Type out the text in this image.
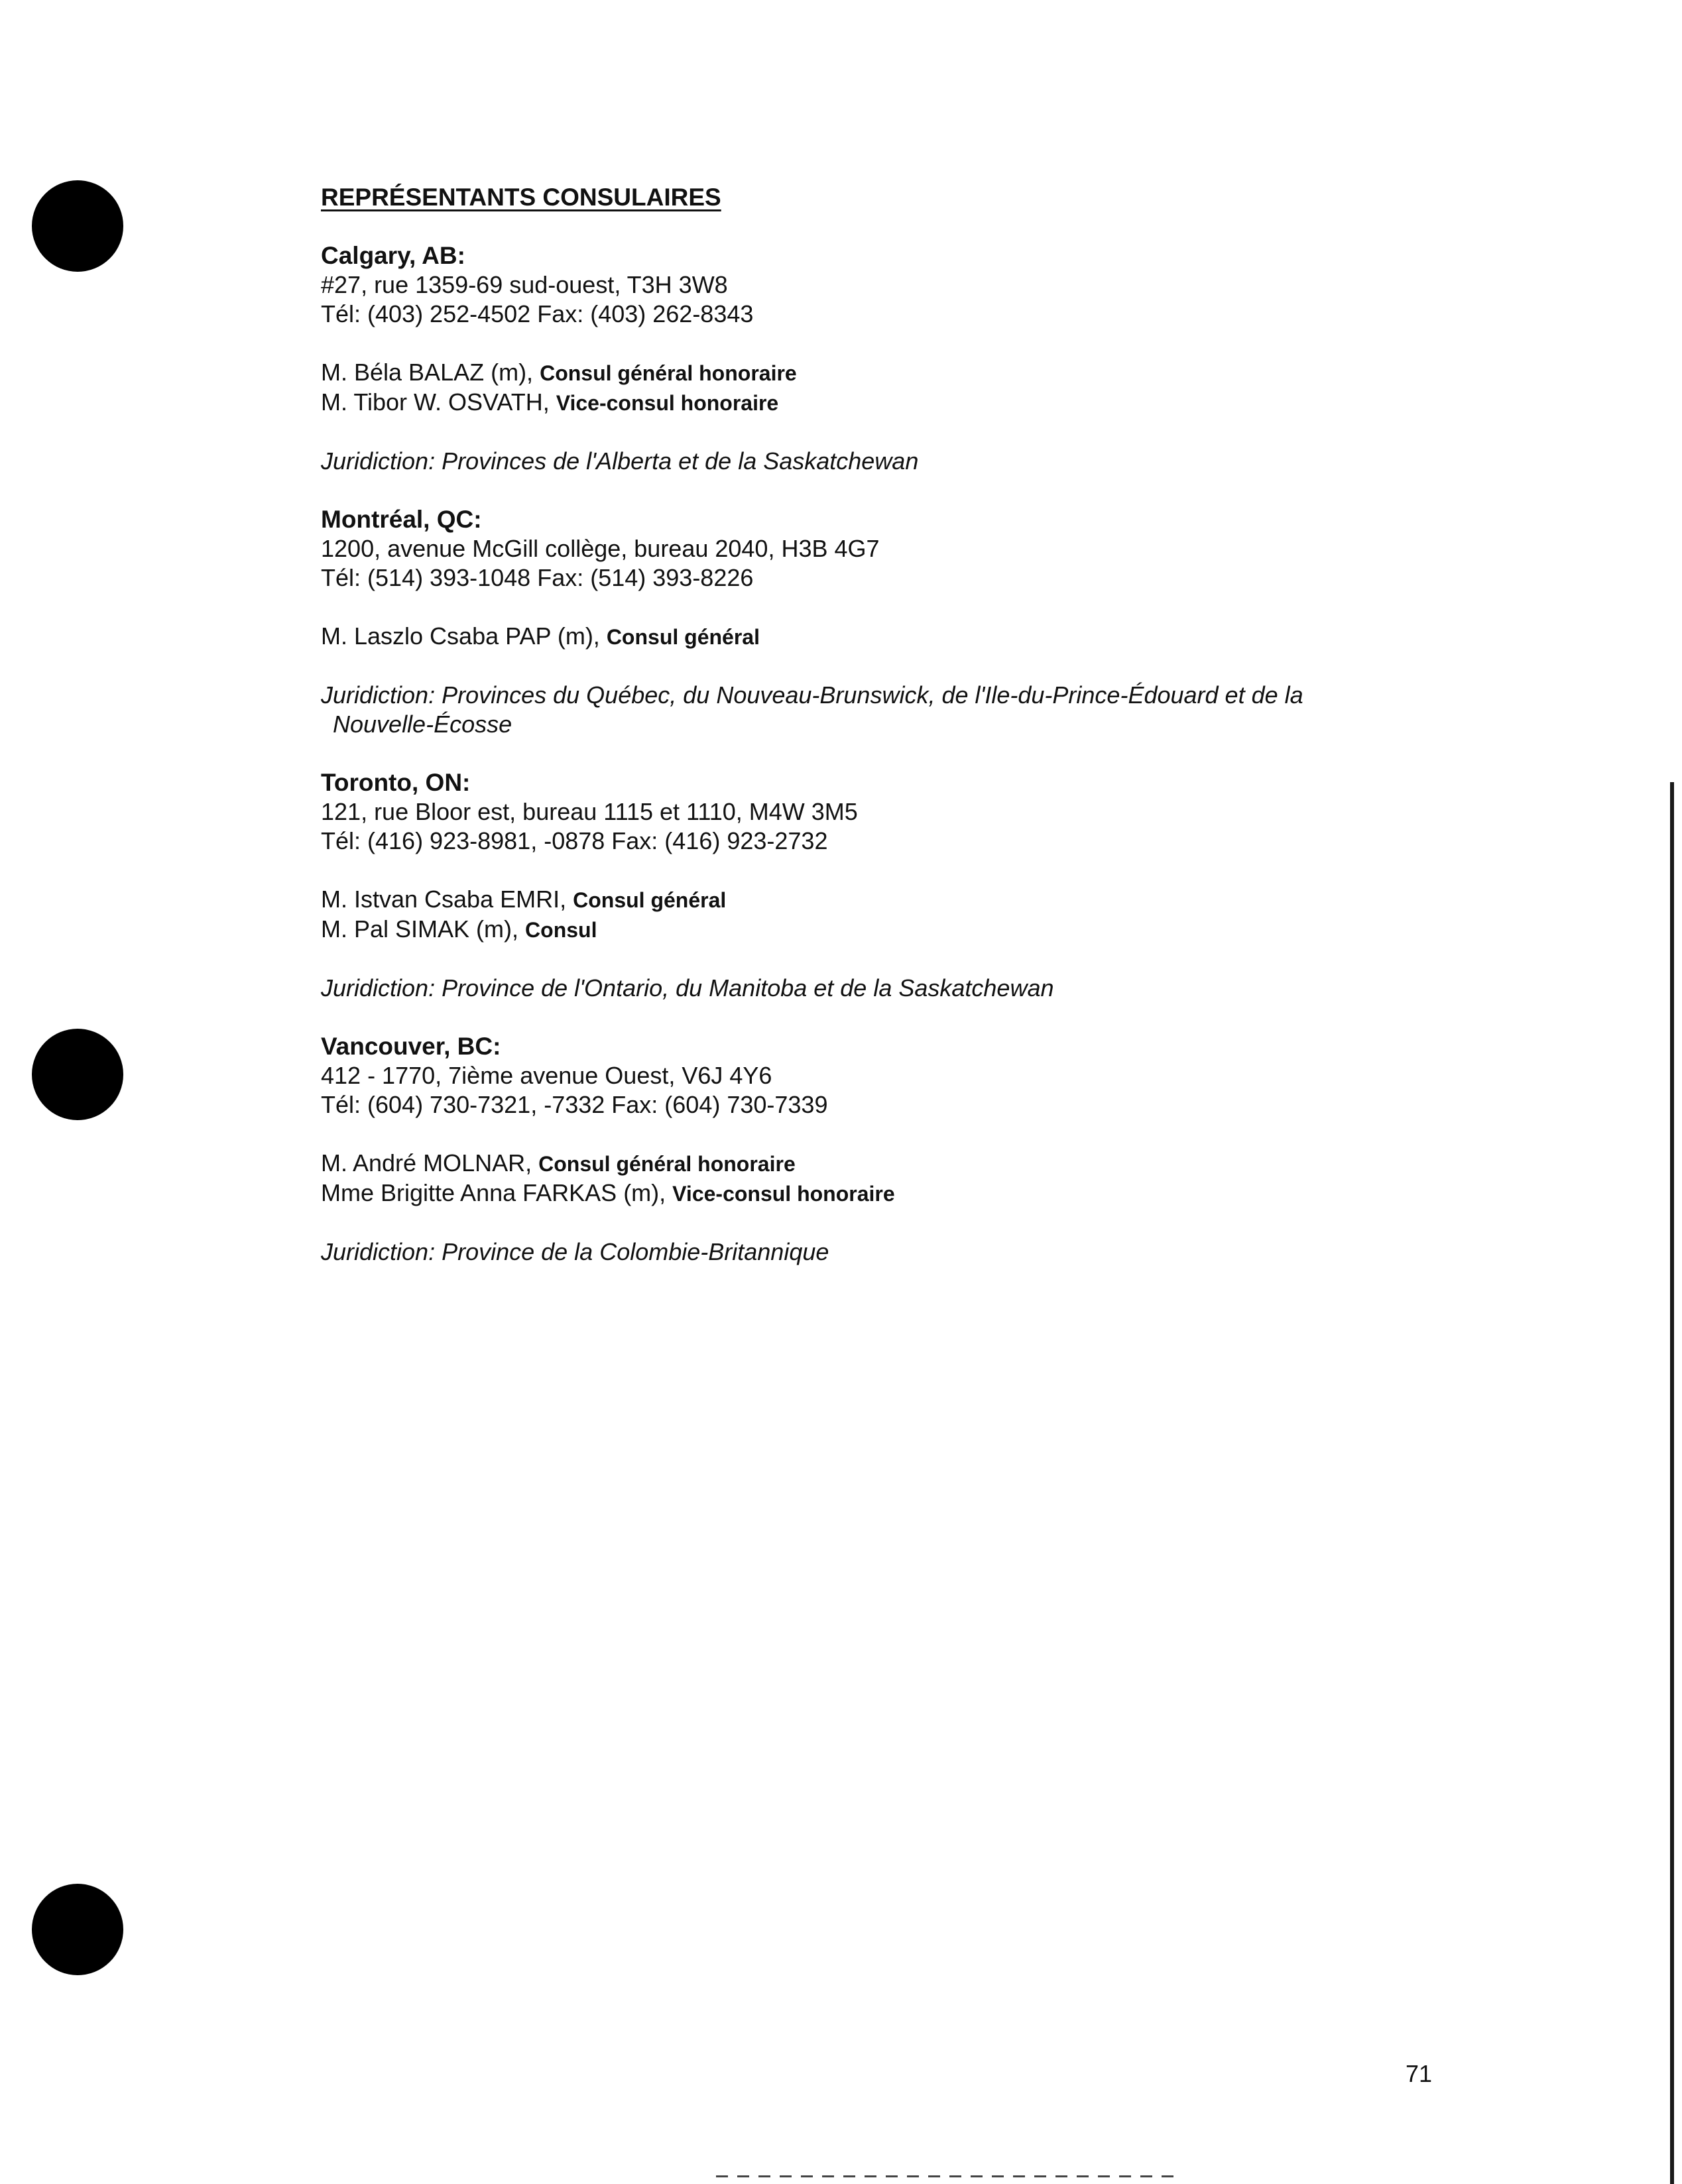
REPRÉSENTANTS CONSULAIRES
Calgary, AB:
#27, rue 1359-69 sud-ouest, T3H 3W8
Tél: (403) 252-4502 Fax: (403) 262-8343
M. Béla BALAZ (m), Consul général honoraire
M. Tibor W. OSVATH, Vice-consul honoraire
Juridiction: Provinces de l'Alberta et de la Saskatchewan
Montréal, QC:
1200, avenue McGill collège, bureau 2040, H3B 4G7
Tél: (514) 393-1048 Fax: (514) 393-8226
M. Laszlo Csaba PAP (m), Consul général
Juridiction: Provinces du Québec, du Nouveau-Brunswick, de l'Ile-du-Prince-Édouard et de la
Nouvelle-Écosse
Toronto, ON:
121, rue Bloor est, bureau 1115 et 1110, M4W 3M5
Tél: (416) 923-8981, -0878 Fax: (416) 923-2732
M. Istvan Csaba EMRI, Consul général
M. Pal SIMAK (m), Consul
Juridiction: Province de l'Ontario, du Manitoba et de la Saskatchewan
Vancouver, BC:
412 - 1770, 7ième avenue Ouest, V6J 4Y6
Tél: (604) 730-7321, -7332 Fax: (604) 730-7339
M. André MOLNAR, Consul général honoraire
Mme Brigitte Anna FARKAS (m), Vice-consul honoraire
Juridiction: Province de la Colombie-Britannique
71
